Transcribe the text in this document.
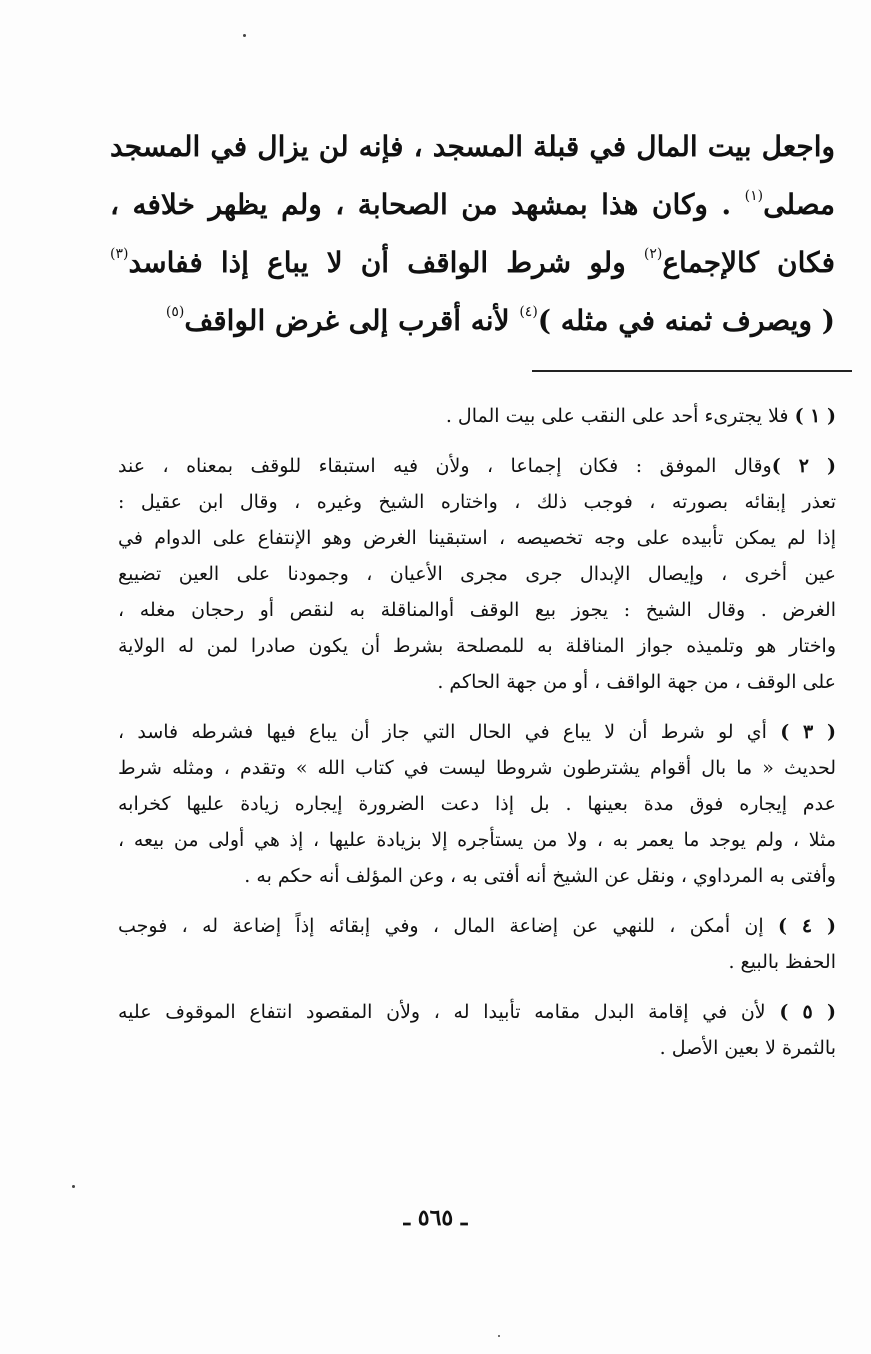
واجعل بيت المال في قبلة المسجد ، فإنه لن يزال في المسجد
مصلى$^{(١)}$ . وكان هذا بمشهد من الصحابة ، ولم يظهر خلافه ،
فكان كالإجماع$^{(٢)}$ ولو شرط الواقف أن لا يباع إذا ففاسد$^{(٣)}$
( ويصرف ثمنه في مثله )$^{(٤)}$ لأنه أقرب إلى غرض الواقف$^{(٥)}$
( ١ ) فلا يجترىء أحد على النقب على بيت المال .
( ٢ )وقال الموفق : فكان إجماعا ، ولأن فيه استبقاء للوقف بمعناه ، عند
تعذر إبقائه بصورته ، فوجب ذلك ، واختاره الشيخ وغيره ، وقال ابن عقيل :
إذا لم يمكن تأبيده على وجه تخصيصه ، استبقينا الغرض وهو الإنتفاع على الدوام في
عين أخرى ، وإيصال الإبدال جرى مجرى الأعيان ، وجمودنا على العين تضييع
الغرض . وقال الشيخ : يجوز بيع الوقف أوالمناقلة به لنقص أو رحجان مغله ،
واختار هو وتلميذه جواز المناقلة به للمصلحة بشرط أن يكون صادرا لمن له الولاية
على الوقف ، من جهة الواقف ، أو من جهة الحاكم .
( ٣ ) أي لو شرط أن لا يباع في الحال التي جاز أن يباع فيها فشرطه فاسد ،
لحديث « ما بال أقوام يشترطون شروطا ليست في كتاب الله » وتقدم ، ومثله شرط
عدم إيجاره فوق مدة بعينها . بل إذا دعت الضرورة إيجاره زيادة عليها كخرابه
مثلا ، ولم يوجد ما يعمر به ، ولا من يستأجره إلا بزيادة عليها ، إذ هي أولى من بيعه ،
وأفتى به المرداوي ، ونقل عن الشيخ أنه أفتى به ، وعن المؤلف أنه حكم به .
( ٤ ) إن أمكن ، للنهي عن إضاعة المال ، وفي إبقائه إذاً إضاعة له ، فوجب
الحفظ بالبيع .
( ٥ ) لأن في إقامة البدل مقامه تأبيدا له ، ولأن المقصود انتفاع الموقوف عليه
بالثمرة لا بعين الأصل .
ـ ٥٦٥ ـ
